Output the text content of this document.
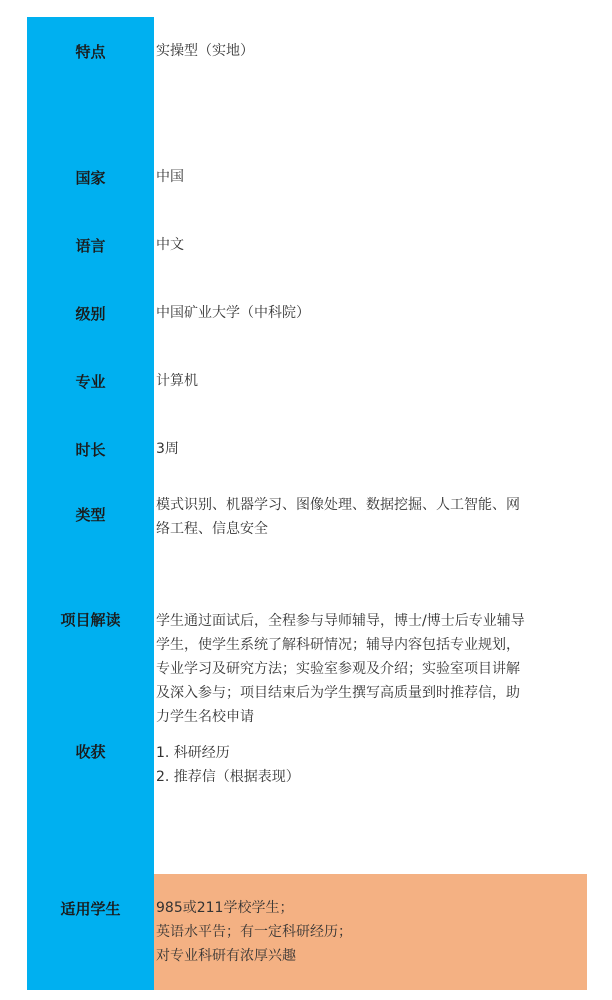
特点	实操型（实地）
国家	中国
语言	中文
级别	中国矿业大学（中科院）
专业	计算机
时长	3周
类型
模式识别、机器学习、图像处理、数据挖掘、人工智能、网
络工程、信息安全
项目解读	学生通过面试后，全程参与导师辅导，博士/博士后专业辅导
学生，使学生系统了解科研情况；辅导内容包括专业规划，
专业学习及研究方法；实验室参观及介绍；实验室项目讲解
及深入参与；项目结束后为学生撰写高质量到时推荐信，助
力学生名校申请
收获	1. 科研经历
2. 推荐信（根据表现）
适用学生	985或211学校学生；
英语水平告；有一定科研经历；
对专业科研有浓厚兴趣
